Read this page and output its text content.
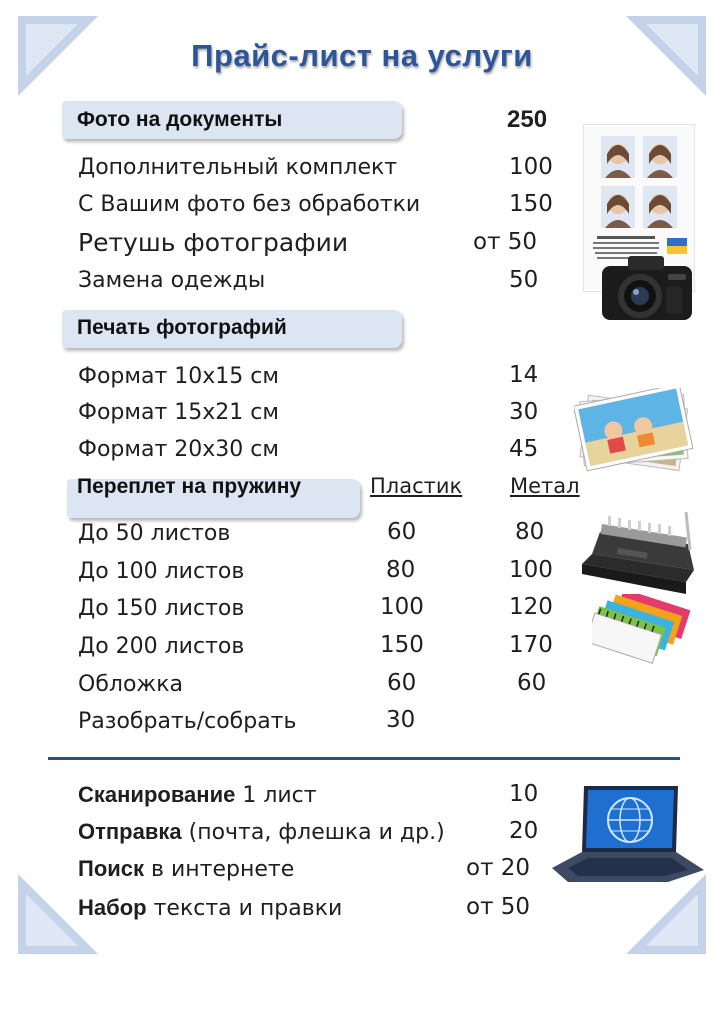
Прайс-лист на услуги
Фото на документы	250
Дополнительный комплект	100
С Вашим фото без обработки	150
Ретушь фотографии	от 50
Замена одежды	50
Печать фотографий
Формат 10х15 см	14
Формат 15х21 см	30
Формат 20х30 см	45
Переплет на пружину	Пластик Метал
До 50 листов	60	80
До 100 листов	80	100
До 150 листов	100	120
До 200 листов	150	170
Обложка	60	60
Разобрать/собрать	30
Сканирование 1 лист	10
Отправка (почта, флешка и др.)	20
Поиск в интернете	от 20
Набор текста и правки	от 50
